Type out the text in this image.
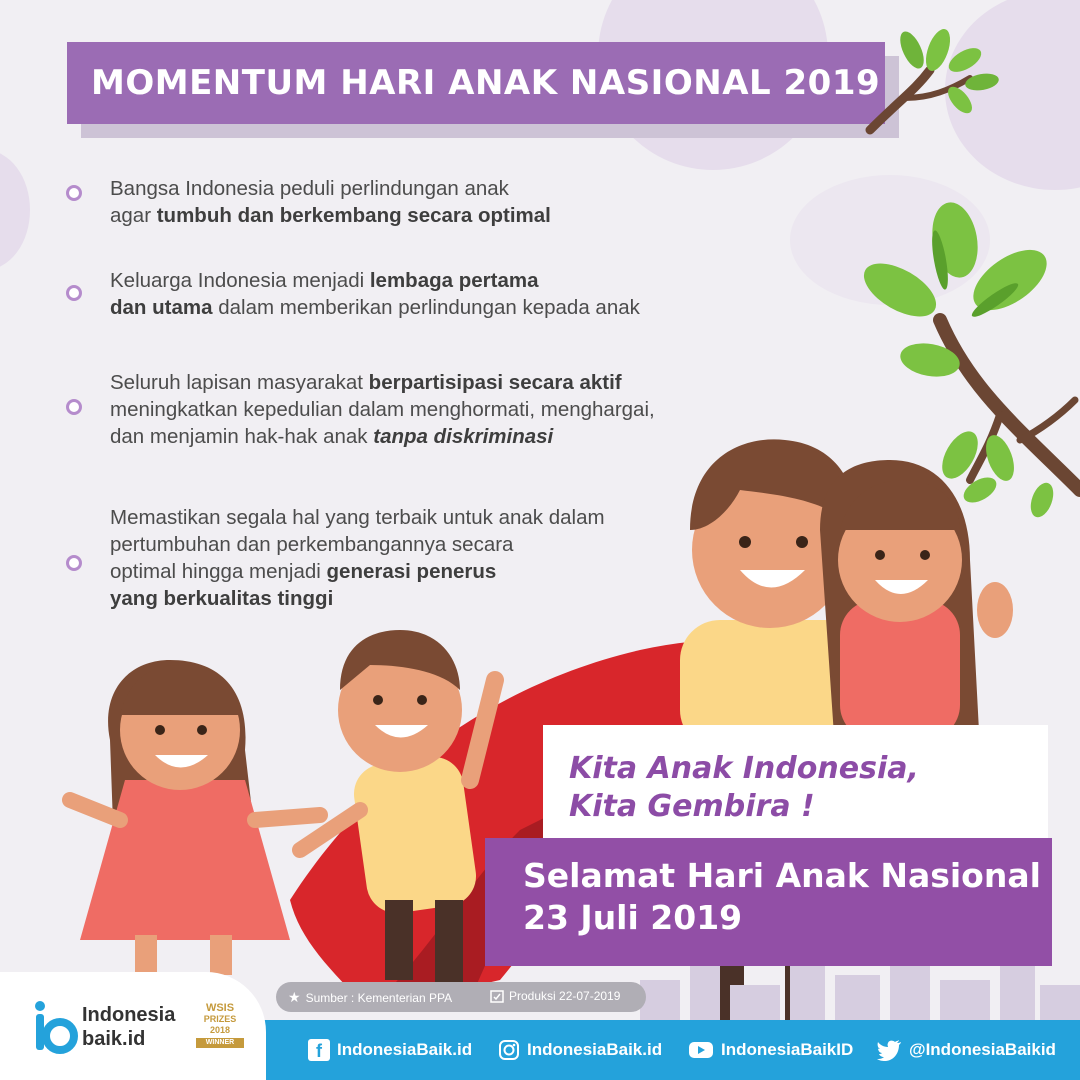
MOMENTUM HARI ANAK NASIONAL 2019
Bangsa Indonesia peduli perlindungan anak
agar tumbuh dan berkembang secara optimal
Keluarga Indonesia menjadi lembaga pertama
dan utama dalam memberikan perlindungan kepada anak
Seluruh lapisan masyarakat berpartisipasi secara aktif
meningkatkan kepedulian dalam menghormati, menghargai,
dan menjamin hak-hak anak tanpa diskriminasi
Memastikan segala hal yang terbaik untuk anak dalam
pertumbuhan dan perkembangannya secara
optimal hingga menjadi generasi penerus
yang berkualitas tinggi
Kita Anak Indonesia,
Kita Gembira !
Selamat Hari Anak Nasional
23 Juli 2019
★ Sumber : Kementerian PPA	Produksi 22-07-2019
Indonesia
baik.id
WSIS
PRIZES
2018
WINNER	f IndonesiaBaik.id	IndonesiaBaik.id	IndonesiaBaikID	@IndonesiaBaikid
